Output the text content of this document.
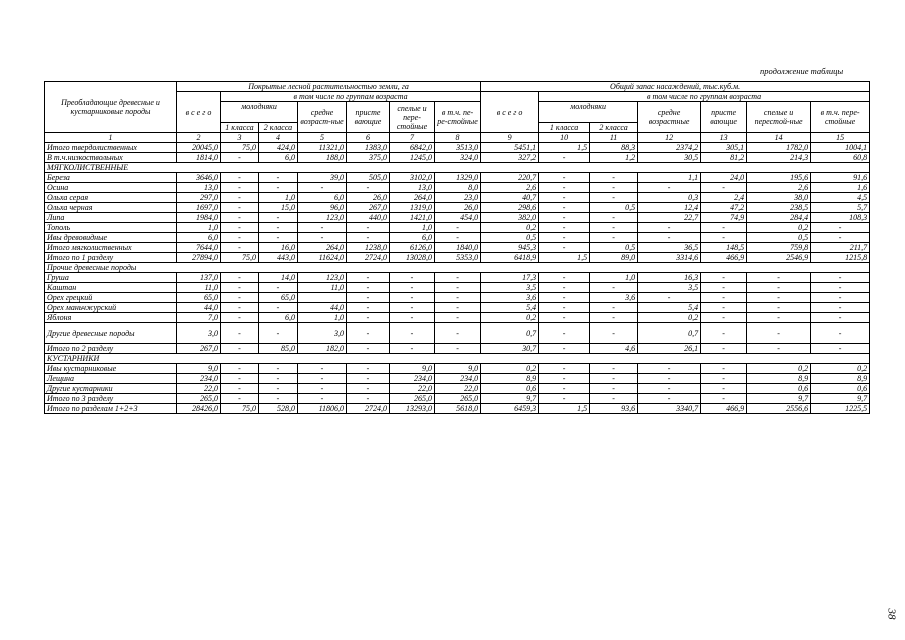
продолжение таблицы
Преобладающие древесные и кустарниковые породы	Покрытые лесной растительностью земли, га							Общий запас насаждений, тыс.куб.м.						
	в с е г о	в том числе по группам возраста						в с е г о	в том числе по группам возраста					

		молодняки		средне возраст-ные	присте вающие	спелые и пере-стойные	в т.ч. пе-ре-стойные		молодняки		средне возрастные	присте вающие	спелые и перестой-ные	в т.ч. пере-стойные
		1 класса	2 класса						1 класса	2 класса				
1	2	3	4	5	6	7	8	9	10	11	12	13	14	15
Итого твердолиственных	20045,0	75,0	424,0	11321,0	1383,0	6842,0	3513,0	5451,1	1,5	88,3	2374,2	305,1	1782,0	1004,1
В т.ч.низкоствольных	1814,0	-	6,0	188,0	375,0	1245,0	324,0	327,2	-	1,2	30,5	81,2	214,3	60,8
МЯГКОЛИСТВЕННЫЕ														
Береза	3646,0	-	-	39,0	505,0	3102,0	1329,0	220,7	-	-	1,1	24,0	195,6	91,6
Осина	13,0	-	-	-	-	13,0	8,0	2,6	-	-	-	-	2,6	1,6
Ольха серая	297,0	-	1,0	6,0	26,0	264,0	23,0	40,7	-	-	0,3	2,4	38,0	4,5
Ольха черная	1697,0	-	15,0	96,0	267,0	1319,0	26,0	298,6	-	0,5	12,4	47,2	238,5	5,7
Липа	1984,0	-	-	123,0	440,0	1421,0	454,0	382,0	-	-	22,7	74,9	284,4	108,3
Тополь	1,0	-	-	-	-	1,0	-	0,2	-	-	-	-	0,2	-
Ивы древовидные	6,0	-	-	-	-	6,0	-	0,5	-	-	-	-	0,5	-
Итого мягколиственных	7644,0	-	16,0	264,0	1238,0	6126,0	1840,0	945,3	-	0,5	36,5	148,5	759,8	211,7
Итого по 1 разделу	27894,0	75,0	443,0	11624,0	2724,0	13028,0	5353,0	6418,9	1,5	89,0	3314,6	466,9	2546,9	1215,8
Прочие древесные породы														
Груша	137,0	-	14,0	123,0	-	-	-	17,3	-	1,0	16,3	-	-	-
Каштан	11,0	-	-	11,0	-	-	-	3,5	-	-	3,5	-	-	-
Орех грецкий	65,0	-	65,0		-	-	-	3,6	-	3,6	-	-	-	-
Орех маньчжурский	44,0	-	-	44,0	-	-	-	5,4	-	-	5,4	-	-	-
Яблоня	7,0	-	6,0	1,0	-	-	-	0,2	-	-	0,2	-	-	-
Другие древесные породы	3,0	-	-	3,0	-	-	-	0,7	-	-	0,7	-	-	-
Итого по 2 разделу	267,0	-	85,0	182,0	-	-	-	30,7	-	4,6	26,1	-	-	-
КУСТАРНИКИ														
Ивы кустарниковые	9,0	-	-	-	-	9,0	9,0	0,2	-	-	-	-	0,2	0,2
Лещина	234,0	-	-	-	-	234,0	234,0	8,9	-	-	-	-	8,9	8,9
Другие кустарники	22,0	-	-	-	-	22,0	22,0	0,6	-	-	-	-	0,6	0,6
Итого по 3 разделу	265,0	-	-	-	-	265,0	265,0	9,7	-	-	-	-	9,7	9,7
Итого по разделам 1+2+3	28426,0	75,0	528,0	11806,0	2724,0	13293,0	5618,0	6459,3	1,5	93,6	3340,7	466,9	2556,6	1225,5
38
